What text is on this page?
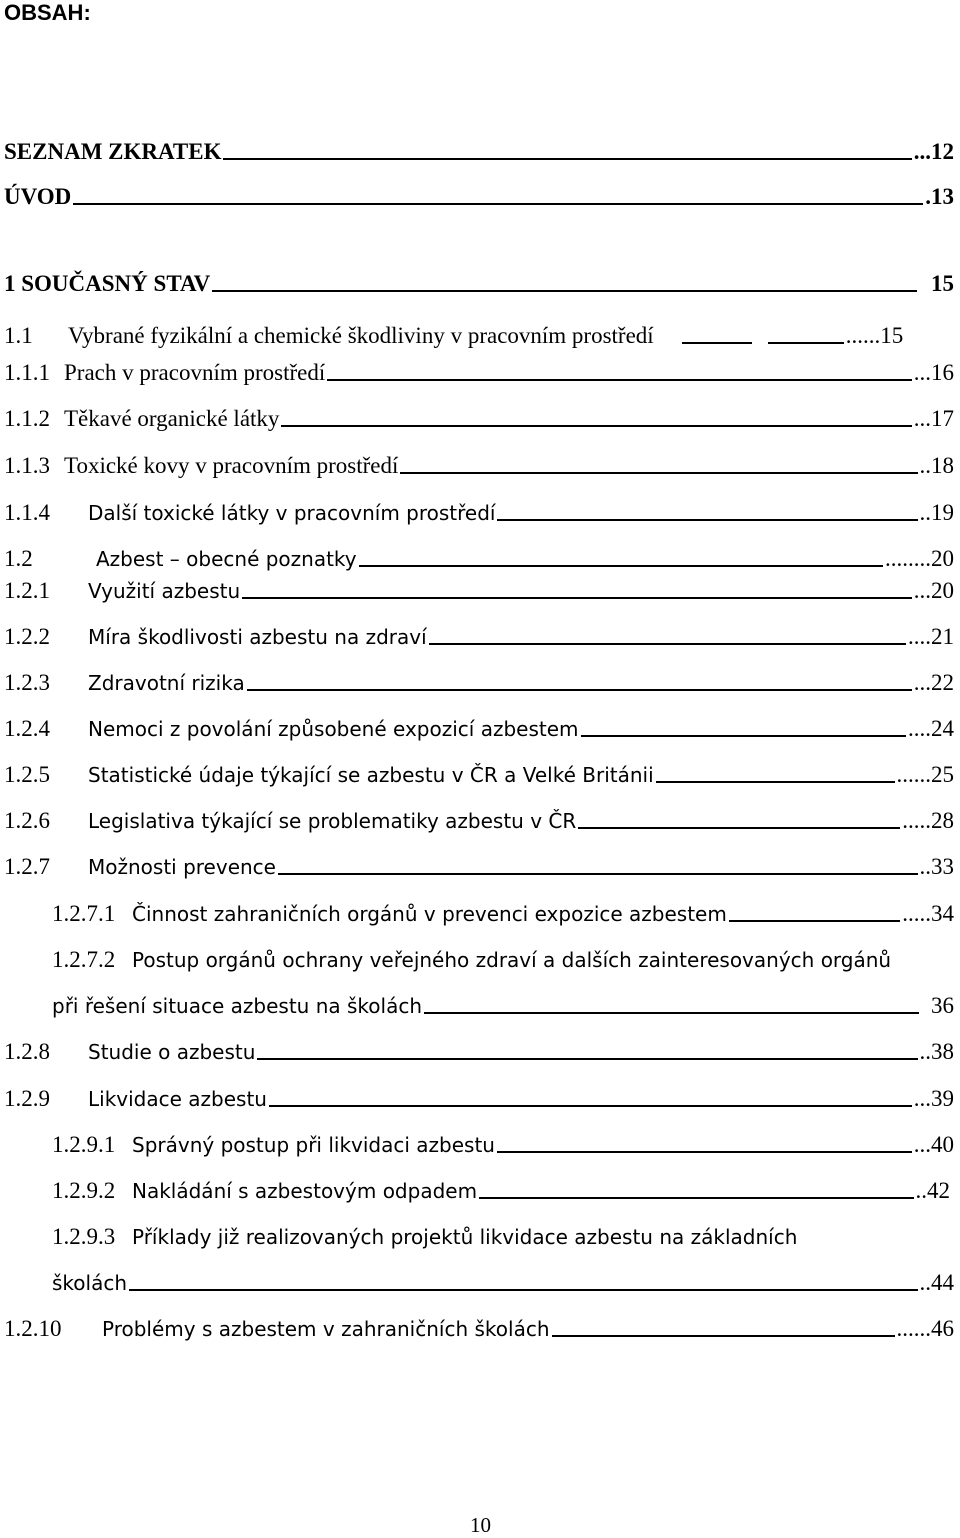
OBSAH:
SEZNAM ZKRATEK	... 12
ÚVOD	. 13
1 SOUČASNÝ STAV	15
1.1	Vybrané fyzikální a chemické škodliviny v pracovním prostředí	...... 15
1.1.1 Prach v pracovním prostředí	... 16
1.1.2 Těkavé organické látky	... 17
1.1.3 Toxické kovy v pracovním prostředí	.. 18
1.1.4	Další toxické látky v pracovním prostředí	.. 19
1.2	Azbest – obecné poznatky	........ 20
1.2.1	Využití azbestu	... 20
1.2.2	Míra škodlivosti azbestu na zdraví	.... 21
1.2.3	Zdravotní rizika	... 22
1.2.4	Nemoci z povolání způsobené expozicí azbestem	.... 24
1.2.5	Statistické údaje týkající se azbestu v ČR a Velké Británii	...... 25
1.2.6	Legislativa týkající se problematiky azbestu v ČR	..... 28
1.2.7	Možnosti prevence	.. 33
1.2.7.1 Činnost zahraničních orgánů v prevenci expozice azbestem	..... 34
1.2.7.2 Postup orgánů ochrany veřejného zdraví a dalších zainteresovaných orgánů
při řešení situace azbestu na školách	36
1.2.8	Studie o azbestu	.. 38
1.2.9	Likvidace azbestu	... 39
1.2.9.1 Správný postup při likvidaci azbestu	... 40
1.2.9.2 Nakládání s azbestovým odpadem	.. 42
1.2.9.3 Příklady již realizovaných projektů likvidace azbestu na základních
školách	.. 44
1.2.10	Problémy s azbestem v zahraničních školách	...... 46
10
